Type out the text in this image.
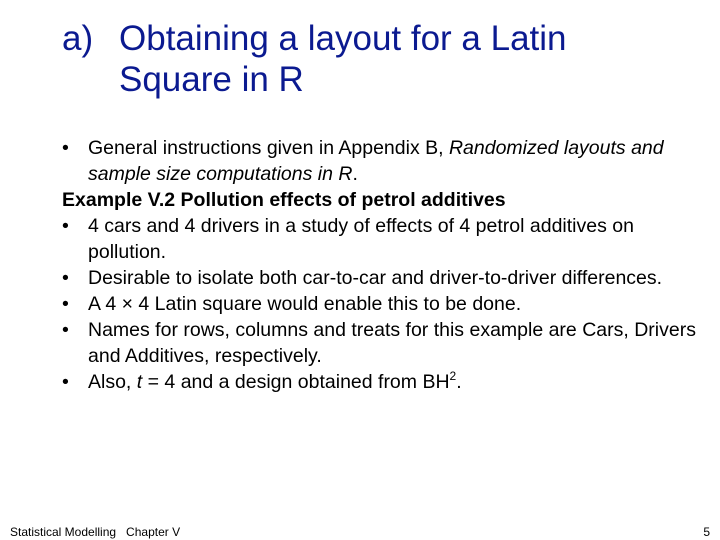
a) Obtaining a layout for a Latin
Square in R
• General instructions given in Appendix B, Randomized layouts and sample size computations in R.
Example V.2 Pollution effects of petrol additives
• 4 cars and 4 drivers in a study of effects of 4 petrol additives on pollution.
• Desirable to isolate both car-to-car and driver-to-driver differences.
• A 4 × 4 Latin square would enable this to be done.
• Names for rows, columns and treats for this example are Cars, Drivers and Additives, respectively.
• Also, t = 4 and a design obtained from $BH^2$.
Statistical Modelling   Chapter V	5
